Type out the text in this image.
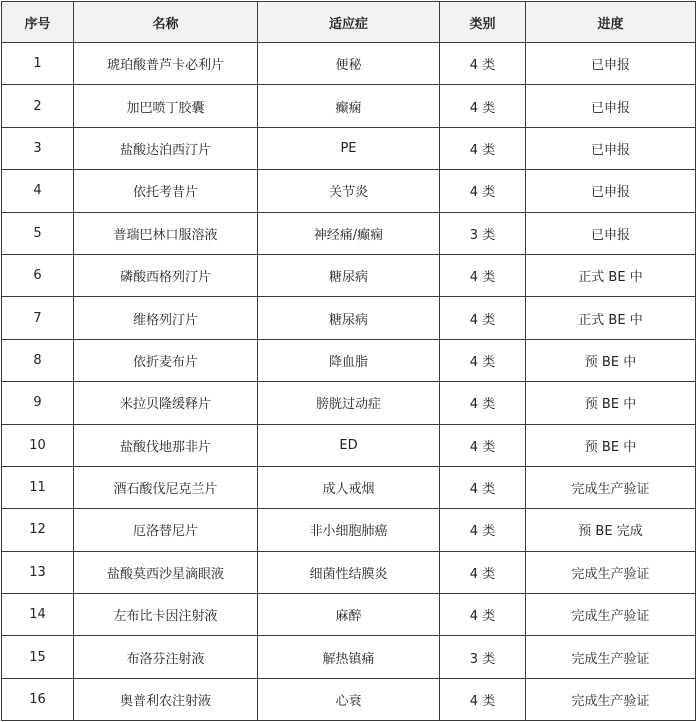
序号	名称	适应症	类别	进度
1	琥珀酸普芦卡必利片	便秘	4 类	已申报
2	加巴喷丁胶囊	癫痫	4 类	已申报
3	盐酸达泊西汀片	PE	4 类	已申报
4	依托考昔片	关节炎	4 类	已申报
5	普瑞巴林口服溶液	神经痛/癫痫	3 类	已申报
6	磷酸西格列汀片	糖尿病	4 类	正式 BE 中
7	维格列汀片	糖尿病	4 类	正式 BE 中
8	依折麦布片	降血脂	4 类	预 BE 中
9	米拉贝隆缓释片	膀胱过动症	4 类	预 BE 中
10	盐酸伐地那非片	ED	4 类	预 BE 中
11	酒石酸伐尼克兰片	成人戒烟	4 类	完成生产验证
12	厄洛替尼片	非小细胞肺癌	4 类	预 BE 完成
13	盐酸莫西沙星滴眼液	细菌性结膜炎	4 类	完成生产验证
14	左布比卡因注射液	麻醉	4 类	完成生产验证
15	布洛芬注射液	解热镇痛	3 类	完成生产验证
16	奥普利农注射液	心衰	4 类	完成生产验证
